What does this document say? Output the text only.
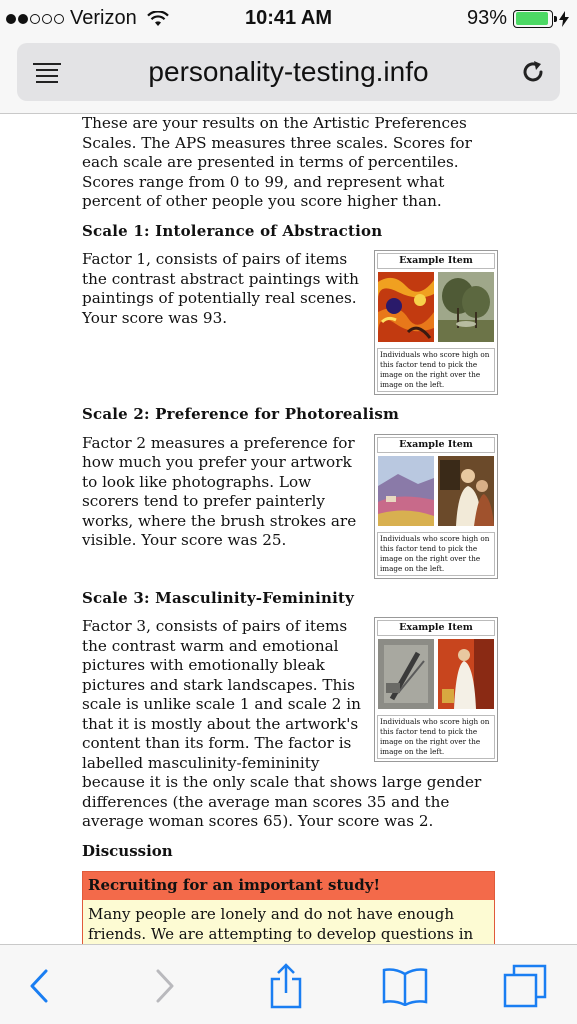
Verizon	10:41 AM	93%
personality-testing.info

These are your results on the Artistic Preferences Scales. The APS measures three scales. Scores for each scale are presented in terms of percentiles. Scores range from 0 to 99, and represent what percent of other people you score higher than.

Scale 1: Intolerance of Abstraction
Example Item
Individuals who score high on this factor tend to pick the image on the right over the image on the left.

Factor 1, consists of pairs of items the contrast abstract paintings with paintings of potentially real scenes. Your score was 93.

Scale 2: Preference for Photorealism
Example Item
Individuals who score high on this factor tend to pick the image on the right over the image on the left.

Factor 2 measures a preference for how much you prefer your artwork to look like photographs. Low scorers tend to prefer painterly works, where the brush strokes are visible. Your score was 25.

Scale 3: Masculinity-Femininity
Example Item
Individuals who score high on this factor tend to pick the image on the right over the image on the left.

Factor 3, consists of pairs of items the contrast warm and emotional pictures with emotionally bleak pictures and stark landscapes. This scale is unlike scale 1 and scale 2 in that it is mostly about the artwork's content than its form. The factor is labelled masculinity-femininity because it is the only scale that shows large gender differences (the average man scores 35 and the average woman scores 65). Your score was 2.

Discussion
Recruiting for an important study!
Many people are lonely and do not have enough friends. We are attempting to develop questions in
